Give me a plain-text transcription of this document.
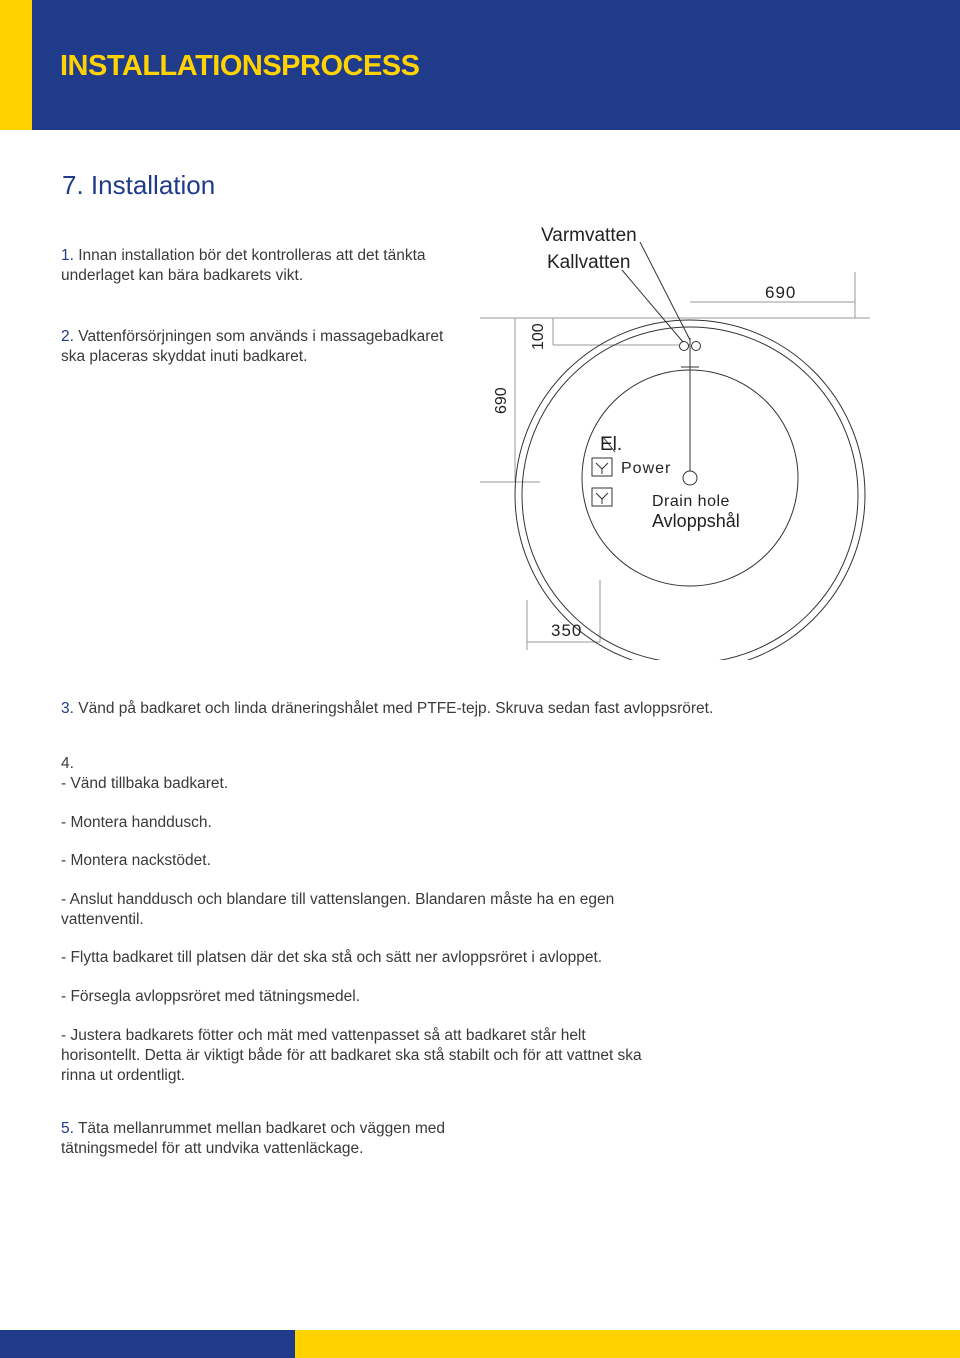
INSTALLATIONSPROCESS
7. Installation
1. Innan installation bör det kontrolleras att det tänkta underlaget kan bära badkarets vikt.
2. Vattenförsörjningen som används i massagebadkaret ska placeras skyddat inuti badkaret.
Varmvatten
Kallvatten
690
100
690
El.
Power
Drain hole
Avloppshål
350
3. Vänd på badkaret och linda dräneringshålet med PTFE-tejp. Skruva sedan fast avloppsröret.
4.
- Vänd tillbaka badkaret.
- Montera handdusch.
- Montera nackstödet.
- Anslut handdusch och blandare till vattenslangen. Blandaren måste ha en egen vattenventil.
- Flytta badkaret till platsen där det ska stå och sätt ner avloppsröret i avloppet.
- Försegla avloppsröret med tätningsmedel.
- Justera badkarets fötter och mät med vattenpasset så att badkaret står helt horisontellt. Detta är viktigt både för att badkaret ska stå stabilt och för att vattnet ska rinna ut ordentligt.
5. Täta mellanrummet mellan badkaret och väggen med tätningsmedel för att undvika vattenläckage.
